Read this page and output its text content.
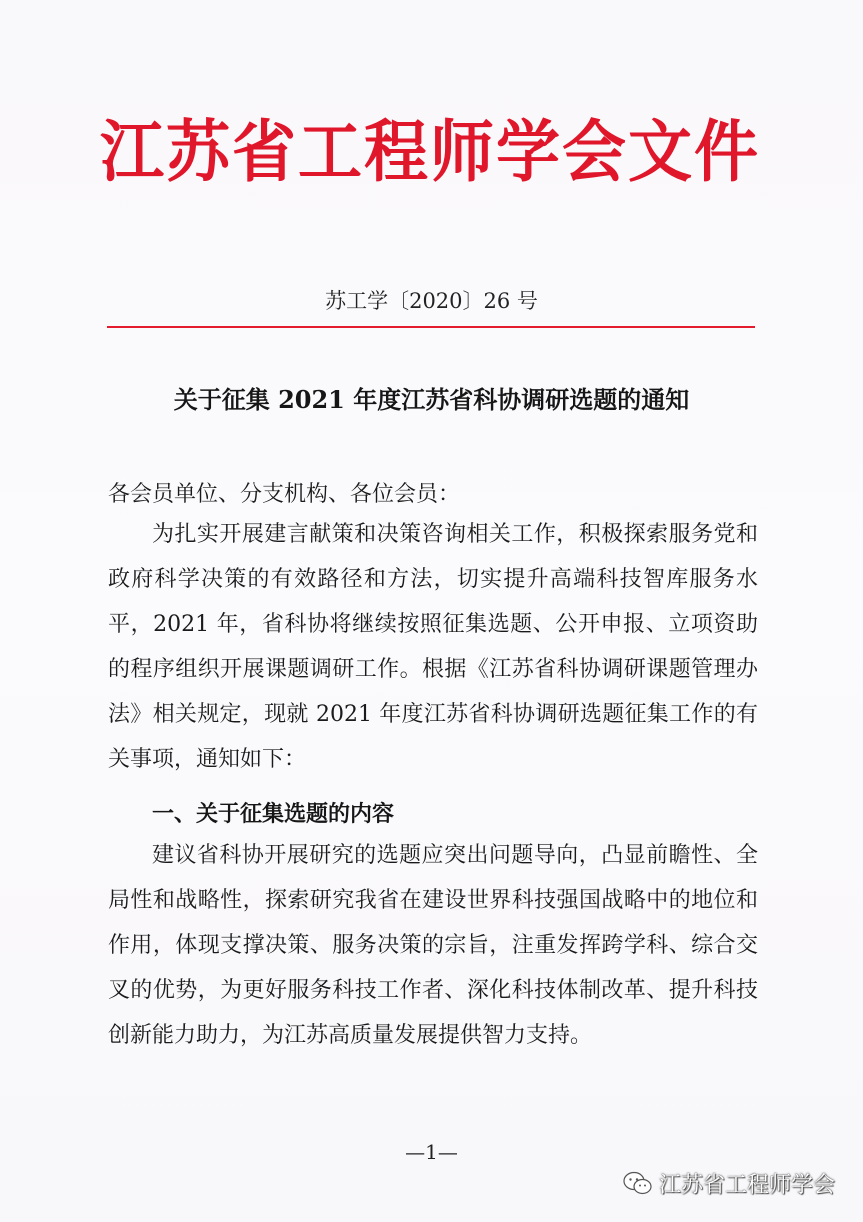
江苏省工程师学会文件
苏工学〔2020〕26 号
关于征集 2021 年度江苏省科协调研选题的通知
各会员单位、分支机构、各位会员：

为扎实开展建言献策和决策咨询相关工作，积极探索服务党和政府科学决策的有效路径和方法，切实提升高端科技智库服务水平，2021 年，省科协将继续按照征集选题、公开申报、立项资助的程序组织开展课题调研工作。根据《江苏省科协调研课题管理办法》相关规定，现就 2021 年度江苏省科协调研选题征集工作的有关事项，通知如下：

一、关于征集选题的内容

建议省科协开展研究的选题应突出问题导向，凸显前瞻性、全局性和战略性，探索研究我省在建设世界科技强国战略中的地位和作用，体现支撑决策、服务决策的宗旨，注重发挥跨学科、综合交叉的优势，为更好服务科技工作者、深化科技体制改革、提升科技创新能力助力，为江苏高质量发展提供智力支持。

—1—
江苏省工程师学会
